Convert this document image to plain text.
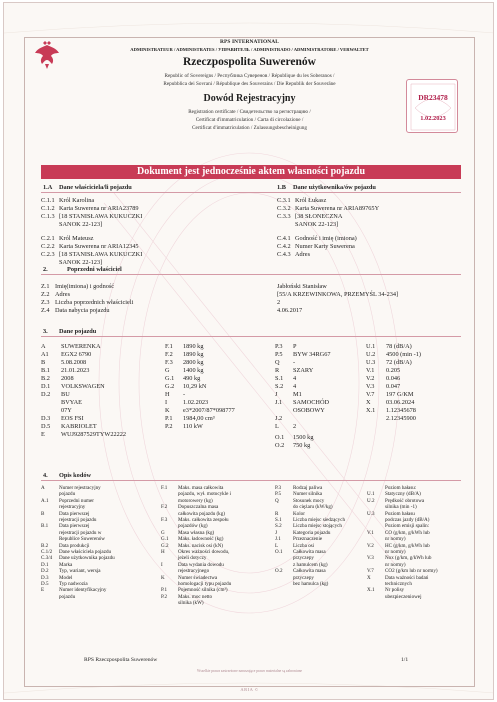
RPS INTERNATIONAL
ADMINISTRATEUR / ADMINISTRATES / УПРАВИТЕЛЬ / ADMINISTRADO / ADMINISTRATORE / VERWALTET
Rzeczpospolita Suwerenów
Republic of Sovereigns / Республика Суверенов / République du les Soberanos /
Repubblica dei Sovrani / République des Souverains / Die Republik der Souveräne
Dowód Rejestracyjny
Registration certificate / Свидетельство за регистрацию /
Certificat d'immatriculation / Carta di circolazione /
Certificat d'immatriculation / Zulassungsbescheinigung
DR23478
1.02.2023
Dokument jest jednocześnie aktem własności pojazdu
1.A Dane właściciela/li pojazdu	1.B Dane użytkownika/ów pojazdu
C.1.1 Król Karolina
C.1.2 Karta Suwerena nr ARIA23789
C.1.3 [18 STANISŁAWA KUKUCZKI
SANOK 22-123]
C.2.1 Król Mateusz
C.2.2 Karta Suwerena nr ARIA12345
C.2.3 [18 STANISŁAWA KUKUCZKI
SANOK 22-123]
C.3.1 Król Łukasz
C.3.2 Karta Suwerena nr ARIA89765Y
C.3.3 [38 SŁONECZNA
SANOK 22-123]
C.4.1 Godność i imię (imiona)
C.4.2 Numer Karty Suwerena
C.4.3 Adres
2.	Poprzedni właściciel
Z.1 Imię(imiona) i godność	Jabłoński Stanisław
Z.2 Adres	[55/A KRZEWINKOWA, PRZEMYŚL 34-234]
Z.3 Liczba poprzednich właścicieli	2
Z.4 Data nabycia pojazdu	4.06.2017
3. Dane pojazdu
A SUWERENKA
A1 EGX2 6790
B	5.08.2008
B.1 21.01.2023
B.2 2008
D.1 VOLKSWAGEN
D.2 BU
BVYAE
07Y
D.3 EOS FSI
D.5 KABRIOLET
E	WUJ9287529TYW22222
F.1 1890 kg
F.2 1890 kg
F.3 2800 kg
G 1400 kg
G.1 490 kg
G.2 10,29 kN
H -
I	1.02.2023
K e3*2007/87*098777
P.1 1984,00 cm³
P.2 110 kW
P.3 P
P.5 BYW 34RG67
Q -
R SZARY
S.1 4
S.2 4
J M1
J.1 SAMOCHÓD
OSOBOWY
J.2
L 2
O.1 1500 kg
O.2 750 kg
U.1 78 (dB/A)
U.2 4500 (min -1)
U.3 72 (dB/A)
V.1 0.205
V.2 0.046
V.3 0.047
V.7 197 G/KM
X 03.06.2024
X.1 1.12345678
2.12345900
4. Opis kodów
A	Numer rejestracyjny
pojazdu
A.1 Poprzedni numer
rejestracyjny
B	Data pierwszej
rejestracji pojazdu
B.1 Data pierwszej
rejestracji pojazdu w
Republice Suwerenów
B.2 Data produkcji
C.1/2 Dane właściciela pojazdu
C.3/4 Dane użytkownika pojazdu
D.1 Marka
D.2 Typ, wariant, wersja
D.3 Model
D.5 Typ nadwozia
E	Numer identyfikacyjny
pojazdu
F.1 Maks. masa całkowita
pojazdu, wył. motocykle i
motorowery (kg)
F.2 Dopuszczalna masa
całkowita pojazdu (kg)
F.3 Maks. całkowita zespołu
pojazdów (kg)
G	Masa własna (kg)
G.1 Maks. ładowność (kg)
G.2 Maks. nacisk osi (kN)
H	Okres ważności dowodu,
jeżeli dotyczy
I	Data wydania dowodu
rejestracyjnego
K	Numer świadectwa
homologacji typu pojazdu
P.1 Pojemność silnika (cm³)
P.2 Maks. moc netto
silnika (kW)
P.3 Rodzaj paliwa
P.5 Numer silnika
Q	Stosunek mocy
do ciężaru (kW/kg)
R	Kolor
S.1 Liczba miejsc siedzących
S.2 Liczba miejsc stojących
J	Kategoria pojazdu
J.1 Przeznaczenie
L	Liczba osi
O.1 Całkowita masa
przyczepy
z hamulcem (kg)
O.2 Całkowita masa
przyczepy
bez hamulca (kg)
Poziom hałasu:
U.1 Statyczny (dB/A)
U.2 Prędkość obrotowa
silnika (min -1)
U.3 Poziom hałasu
podczas jazdy (dB/A)
Poziom emisji spalin:
V.1 CO (g/km, g/kWh lub
nr normy)
V.2 HC (g/km, g/kWh lub
nr normy)
V.3 Nox (g/km, g/kWh lub
nr normy)
V.7 CO2 (g/km lub nr normy)
X	Data ważności badań
technicznych
X.1 Nr polisy
ubezpieczeniowej
RPS Rzeczpospolita Suwerenów	1/1
Wszelkie prawa zastrzeżone naruszające prawo materialne są zabronione
ARIA ©
